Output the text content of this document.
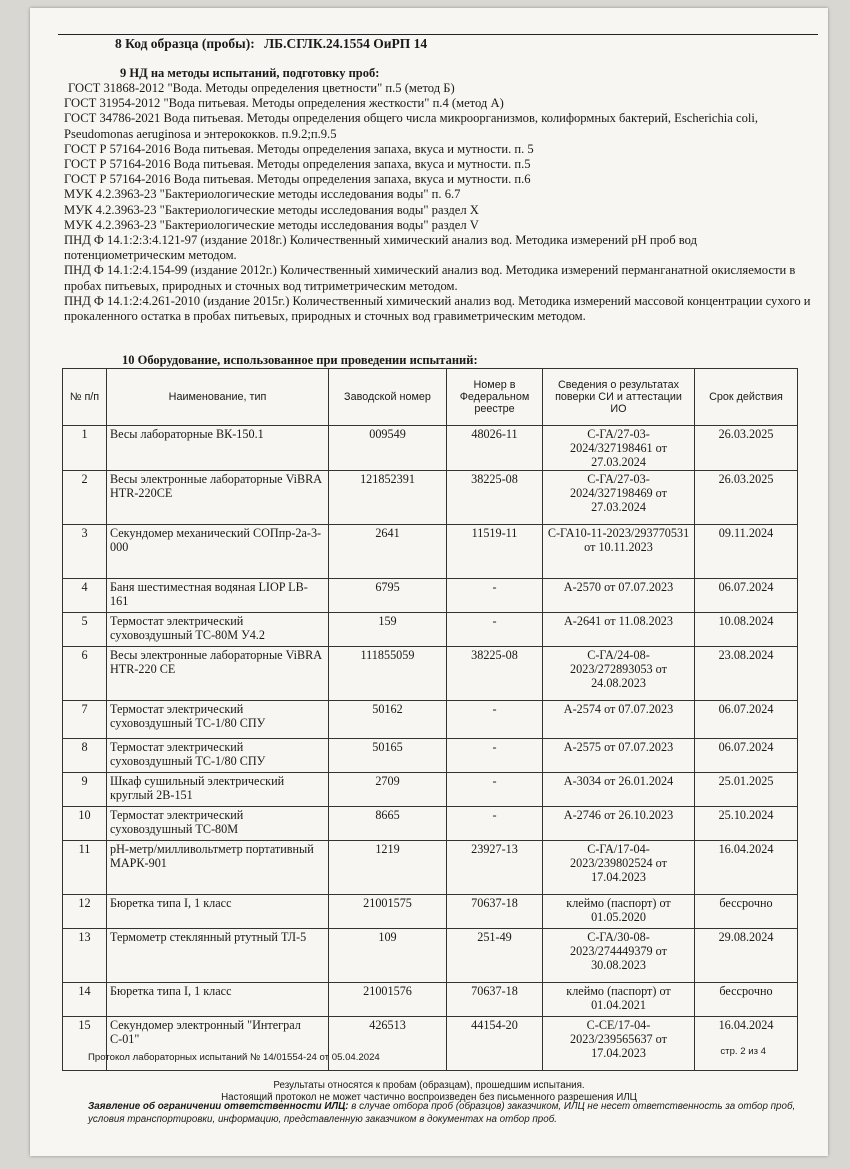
8 Код образца (пробы): ЛБ.СГЛК.24.1554 ОиРП 14
9 НД на методы испытаний, подготовку проб:
ГОСТ 31868-2012 "Вода. Методы определения цветности" п.5 (метод Б)
ГОСТ 31954-2012 "Вода питьевая. Методы определения жесткости" п.4 (метод А)
ГОСТ 34786-2021 Вода питьевая. Методы определения общего числа микроорганизмов, колиформных бактерий, Escherichia coli, Pseudomonas aeruginosa и энтерококков. п.9.2;п.9.5
ГОСТ Р 57164-2016 Вода питьевая. Методы определения запаха, вкуса и мутности. п. 5
ГОСТ Р 57164-2016 Вода питьевая. Методы определения запаха, вкуса и мутности. п.5
ГОСТ Р 57164-2016 Вода питьевая. Методы определения запаха, вкуса и мутности. п.6
МУК 4.2.3963-23 "Бактериологические методы исследования воды" п. 6.7
МУК 4.2.3963-23 "Бактериологические методы исследования воды" раздел X
МУК 4.2.3963-23 "Бактериологические методы исследования воды" раздел V
ПНД Ф 14.1:2:3:4.121-97 (издание 2018г.) Количественный химический анализ вод. Методика измерений pH проб вод потенциометрическим методом.
ПНД Ф 14.1:2:4.154-99 (издание 2012г.) Количественный химический анализ вод. Методика измерений перманганатной окисляемости в пробах питьевых, природных и сточных вод титриметрическим методом.
ПНД Ф 14.1:2:4.261-2010 (издание 2015г.) Количественный химический анализ вод. Методика измерений массовой концентрации сухого и прокаленного остатка в пробах питьевых, природных и сточных вод гравиметрическим методом.
10 Оборудование, использованное при проведении испытаний:
№ п/п	Наименование, тип	Заводской номер	Номер в Федеральном реестре	Сведения о результатах поверки СИ и аттестации ИО	Срок действия
1	Весы лабораторные ВК-150.1	009549	48026-11	С-ГА/27-03-2024/327198461 от 27.03.2024	26.03.2025
2	Весы электронные лабораторные ViBRA HTR-220CE	121852391	38225-08	С-ГА/27-03-2024/327198469 от 27.03.2024	26.03.2025
3	Секундомер механический СОПпр-2а-3-000	2641	11519-11	С-ГА10-11-2023/293770531 от 10.11.2023	09.11.2024
4	Баня шестиместная водяная LIOP LB-161	6795	-	А-2570 от 07.07.2023	06.07.2024
5	Термостат электрический суховоздушный ТС-80М У4.2	159	-	А-2641 от 11.08.2023	10.08.2024
6	Весы электронные лабораторные ViBRA HTR-220 CE	111855059	38225-08	С-ГА/24-08-2023/272893053 от 24.08.2023	23.08.2024
7	Термостат электрический суховоздушный ТС-1/80 СПУ	50162	-	А-2574 от 07.07.2023	06.07.2024
8	Термостат электрический суховоздушный ТС-1/80 СПУ	50165	-	А-2575 от 07.07.2023	06.07.2024
9	Шкаф сушильный электрический круглый 2В-151	2709	-	А-3034 от 26.01.2024	25.01.2025
10	Термостат электрический суховоздушный ТС-80М	8665	-	А-2746 от 26.10.2023	25.10.2024
11	pH-метр/милливольтметр портативный МАРК-901	1219	23927-13	С-ГА/17-04-2023/239802524 от 17.04.2023	16.04.2024
12	Бюретка типа I, 1 класс	21001575	70637-18	клеймо (паспорт) от 01.05.2020	бессрочно
13	Термометр стеклянный ртутный ТЛ-5	109	251-49	С-ГА/30-08-2023/274449379 от 30.08.2023	29.08.2024
14	Бюретка типа I, 1 класс	21001576	70637-18	клеймо (паспорт) от 01.04.2021	бессрочно
15	Секундомер электронный "Интеграл С-01"	426513	44154-20	С-СЕ/17-04-2023/239565637 от 17.04.2023	16.04.2024
Протокол лабораторных испытаний № 14/01554-24 от 05.04.2024
стр. 2 из 4
Результаты относятся к пробам (образцам), прошедшим испытания.
Настоящий протокол не может частично воспроизведен без письменного разрешения ИЛЦ
Заявление об ограничении ответственности ИЛЦ: в случае отбора проб (образцов) заказчиком, ИЛЦ не несет ответственность за отбор проб, условия транспортировки, информацию, представленную заказчиком в документах на отбор проб.
